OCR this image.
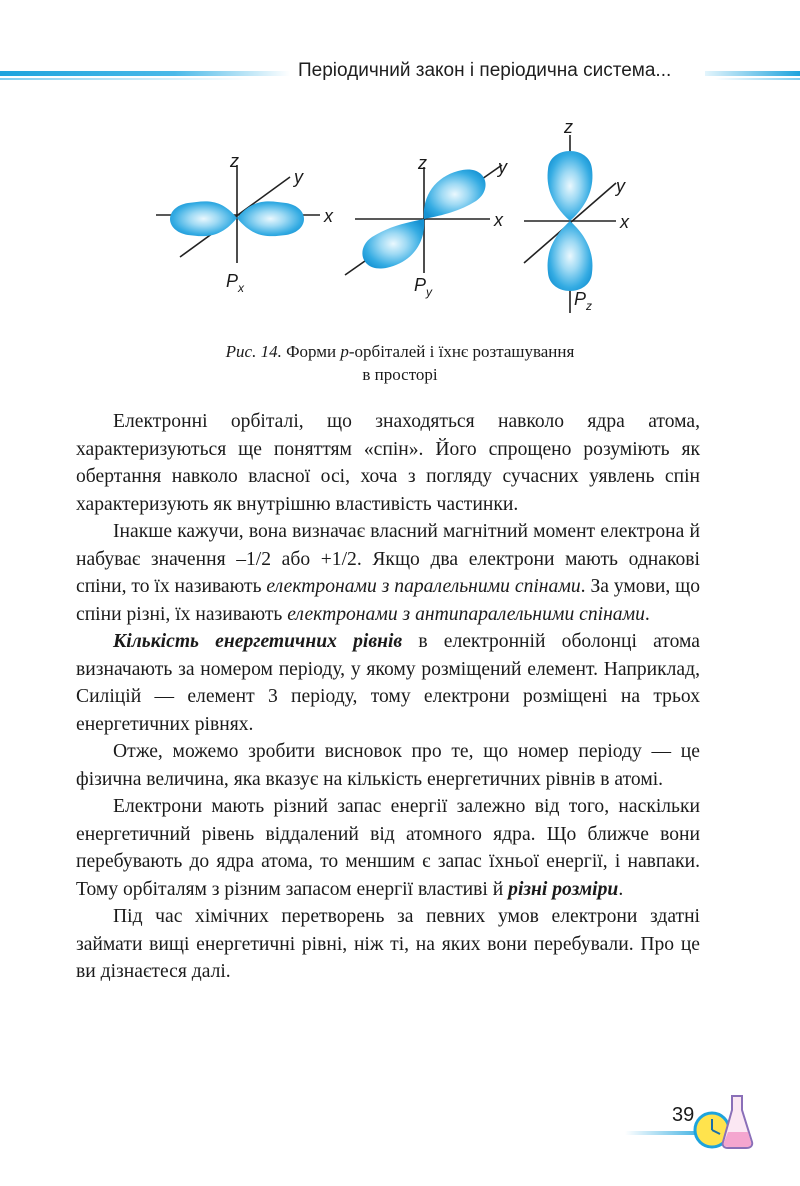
Періодичний закон і періодична система...
z
y
x
$P_x$
z	y
x
$P_y$
z
y
x
$P_z$
Рис. 14. Форми p-орбіталей і їхнє розташування
в просторі

Електронні орбіталі, що знаходяться навколо ядра атома, характеризуються ще поняттям «спін». Його спрощено розуміють як обертання навколо власної осі, хоча з погляду сучасних уявлень спін характеризують як внутрішню властивість частинки.

Інакше кажучи, вона визначає власний магнітний момент електрона й набуває значення –1/2 або +1/2. Якщо два електрони мають однакові спіни, то їх називають електронами з паралельними спінами. За умови, що спіни різні, їх називають електронами з антипаралельними спінами.

Кількість енергетичних рівнів в електронній оболонці атома визначають за номером періоду, у якому розміщений елемент. Наприклад, Силіцій — елемент 3 періоду, тому електрони розміщені на трьох енергетичних рівнях.

Отже, можемо зробити висновок про те, що номер періоду — це фізична величина, яка вказує на кількість енергетичних рівнів в атомі.

Електрони мають різний запас енергії залежно від того, наскільки енергетичний рівень віддалений від атомного ядра. Що ближче вони перебувають до ядра атома, то меншим є запас їхньої енергії, і навпаки. Тому орбіталям з різним запасом енергії властиві й різні розміри.

Під час хімічних перетворень за певних умов електрони здатні займати вищі енергетичні рівні, ніж ті, на яких вони перебували. Про це ви дізнаєтеся далі.

39
